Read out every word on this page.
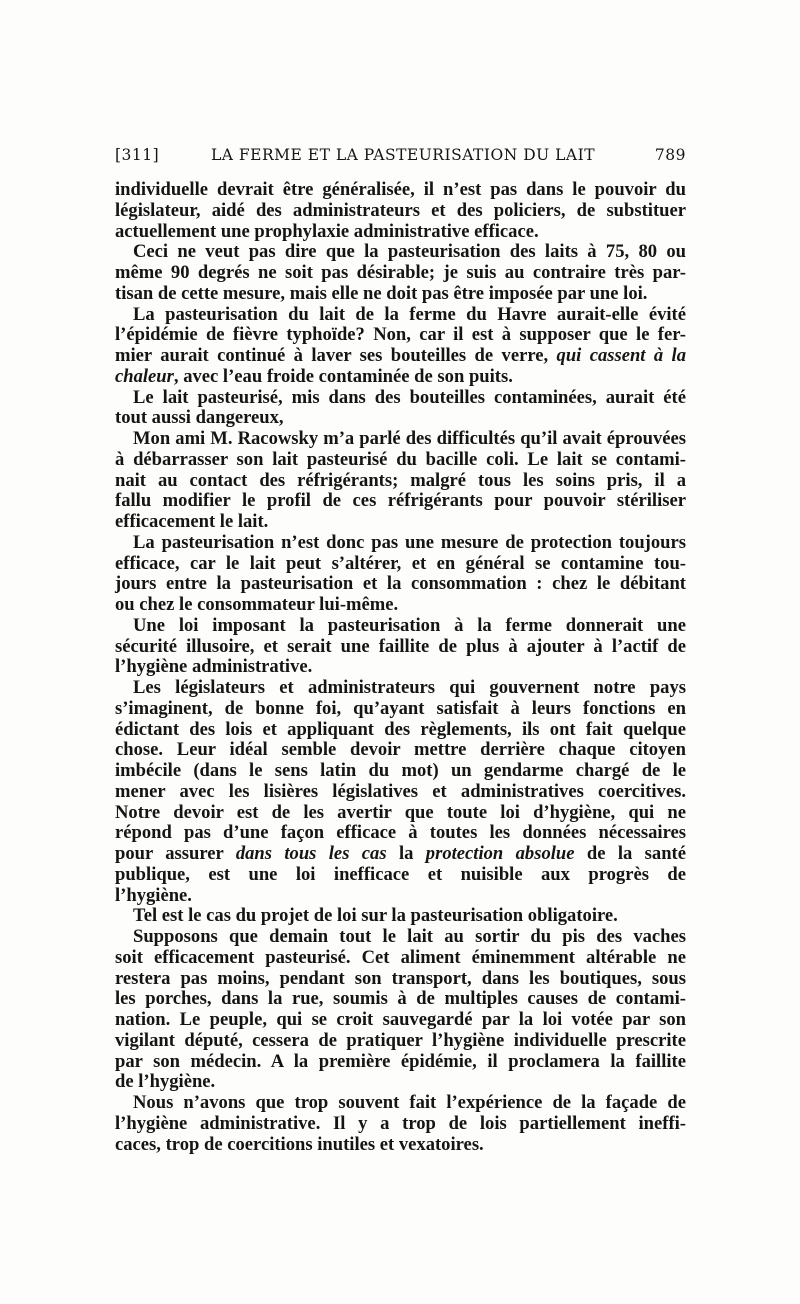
[311]	LA FERME ET LA PASTEURISATION DU LAIT	789
individuelle devrait être généralisée, il n’est pas dans le pouvoir du
législateur, aidé des administrateurs et des policiers, de substituer
actuellement une prophylaxie administrative efficace.
Ceci ne veut pas dire que la pasteurisation des laits à 75, 80 ou
même 90 degrés ne soit pas désirable; je suis au contraire très par-
tisan de cette mesure, mais elle ne doit pas être imposée par une loi.
La pasteurisation du lait de la ferme du Havre aurait-elle évité
l’épidémie de fièvre typhoïde? Non, car il est à supposer que le fer-
mier aurait continué à laver ses bouteilles de verre, qui cassent à la
chaleur, avec l’eau froide contaminée de son puits.
Le lait pasteurisé, mis dans des bouteilles contaminées, aurait été
tout aussi dangereux,
Mon ami M. Racowsky m’a parlé des difficultés qu’il avait éprouvées
à débarrasser son lait pasteurisé du bacille coli. Le lait se contami-
nait au contact des réfrigérants; malgré tous les soins pris, il a
fallu modifier le profil de ces réfrigérants pour pouvoir stériliser
efficacement le lait.
La pasteurisation n’est donc pas une mesure de protection toujours
efficace, car le lait peut s’altérer, et en général se contamine tou-
jours entre la pasteurisation et la consommation : chez le débitant
ou chez le consommateur lui-même.
Une loi imposant la pasteurisation à la ferme donnerait une
sécurité illusoire, et serait une faillite de plus à ajouter à l’actif de
l’hygiène administrative.
Les législateurs et administrateurs qui gouvernent notre pays
s’imaginent, de bonne foi, qu’ayant satisfait à leurs fonctions en
édictant des lois et appliquant des règlements, ils ont fait quelque
chose. Leur idéal semble devoir mettre derrière chaque citoyen
imbécile (dans le sens latin du mot) un gendarme chargé de le
mener avec les lisières législatives et administratives coercitives.
Notre devoir est de les avertir que toute loi d’hygiène, qui ne
répond pas d’une façon efficace à toutes les données nécessaires
pour assurer dans tous les cas la protection absolue de la santé
publique, est une loi inefficace et nuisible aux progrès de
l’hygiène.
Tel est le cas du projet de loi sur la pasteurisation obligatoire.
Supposons que demain tout le lait au sortir du pis des vaches
soit efficacement pasteurisé. Cet aliment éminemment altérable ne
restera pas moins, pendant son transport, dans les boutiques, sous
les porches, dans la rue, soumis à de multiples causes de contami-
nation. Le peuple, qui se croit sauvegardé par la loi votée par son
vigilant député, cessera de pratiquer l’hygiène individuelle prescrite
par son médecin. A la première épidémie, il proclamera la faillite
de l’hygiène.
Nous n’avons que trop souvent fait l’expérience de la façade de
l’hygiène administrative. Il y a trop de lois partiellement ineffi-
caces, trop de coercitions inutiles et vexatoires.
